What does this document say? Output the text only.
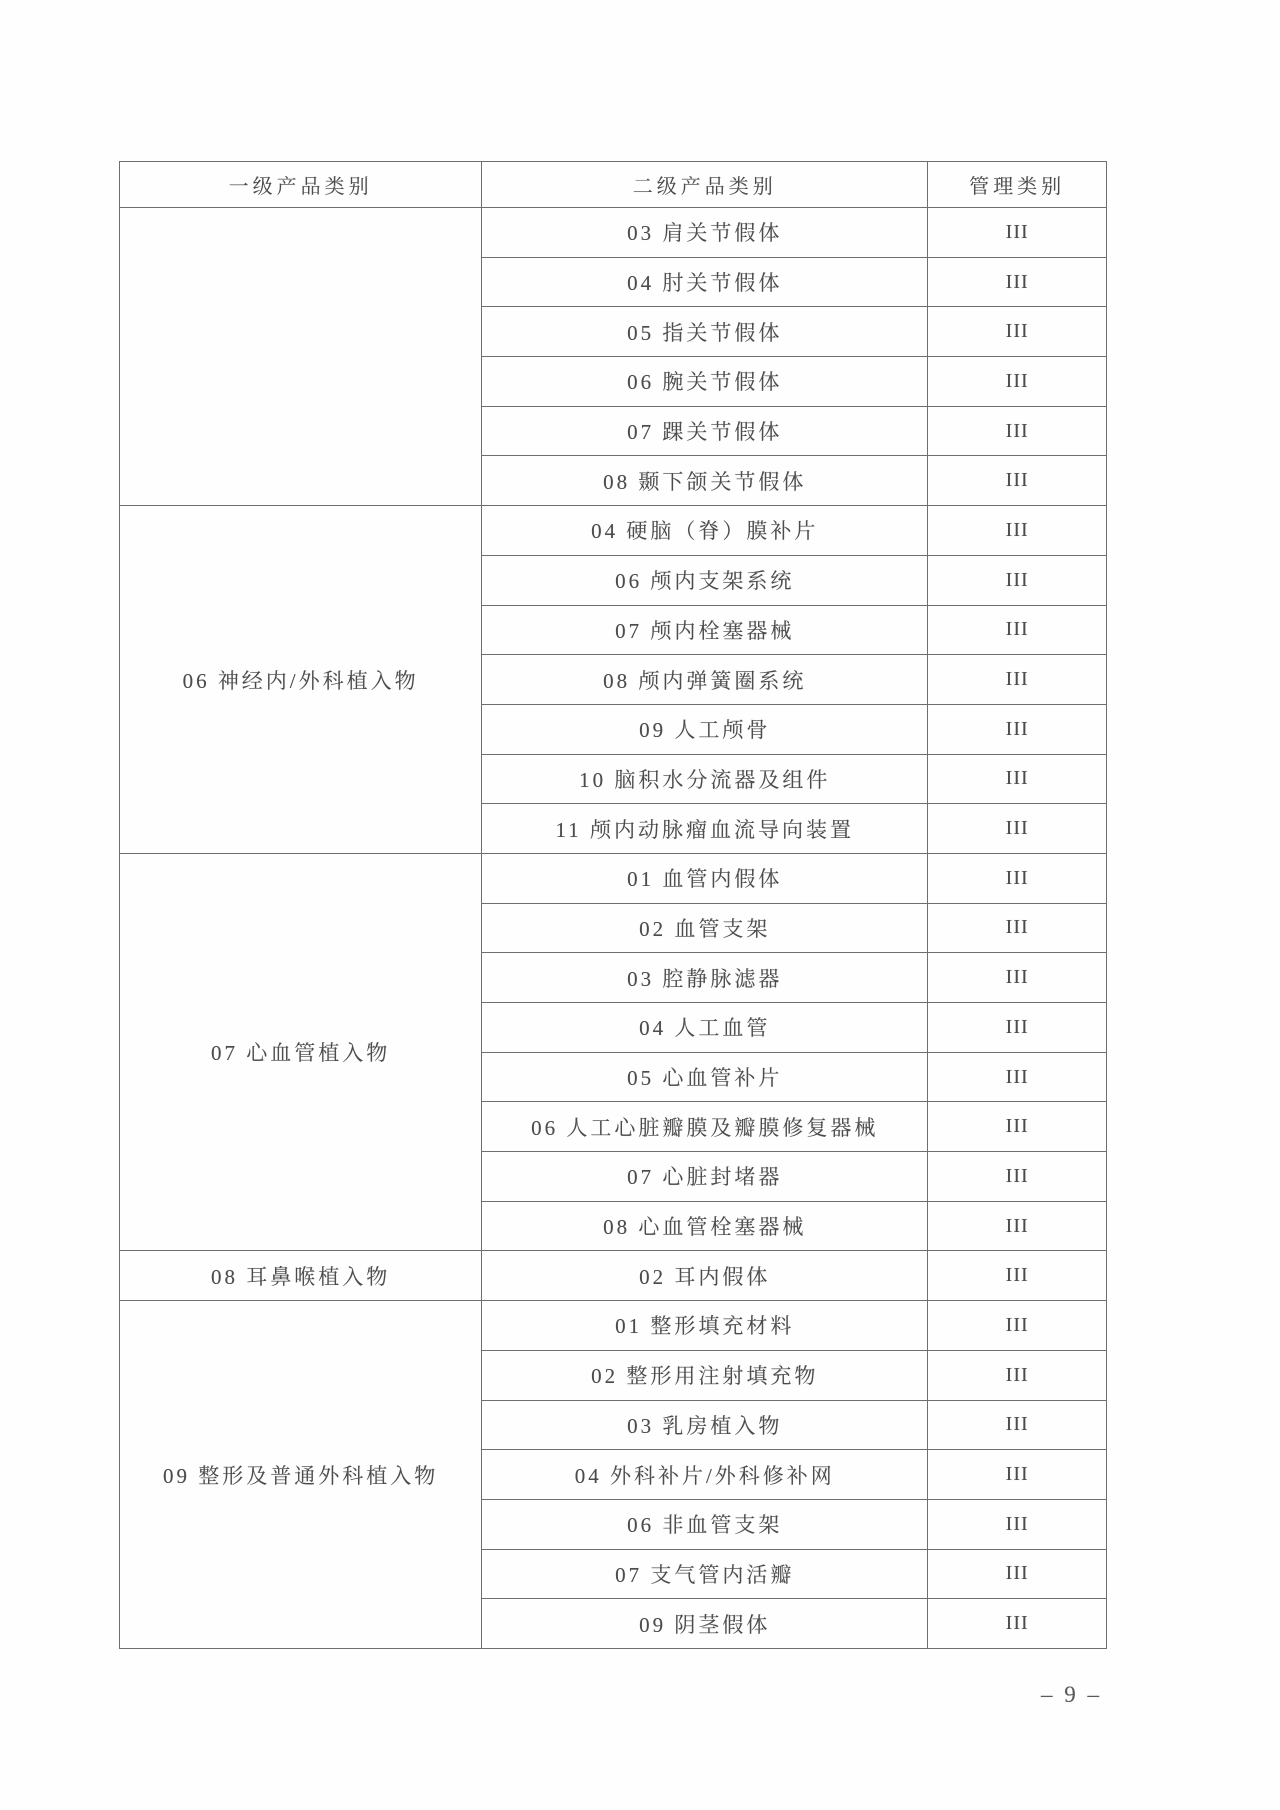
一级产品类别	二级产品类别	管理类别
	03 肩关节假体	III
	04 肘关节假体	III
	05 指关节假体	III
	06 腕关节假体	III
	07 踝关节假体	III
	08 颞下颌关节假体	III
06 神经内/外科植入物	04 硬脑（脊）膜补片	III
	06 颅内支架系统	III
	07 颅内栓塞器械	III
	08 颅内弹簧圈系统	III
	09 人工颅骨	III
	10 脑积水分流器及组件	III
	11 颅内动脉瘤血流导向装置	III
07 心血管植入物	01 血管内假体	III
	02 血管支架	III
	03 腔静脉滤器	III
	04 人工血管	III
	05 心血管补片	III
	06 人工心脏瓣膜及瓣膜修复器械	III
	07 心脏封堵器	III
	08 心血管栓塞器械	III
08 耳鼻喉植入物	02 耳内假体	III
09 整形及普通外科植入物	01 整形填充材料	III
	02 整形用注射填充物	III
	03 乳房植入物	III
	04 外科补片/外科修补网	III
	06 非血管支架	III
	07 支气管内活瓣	III
	09 阴茎假体	III
– 9 –
